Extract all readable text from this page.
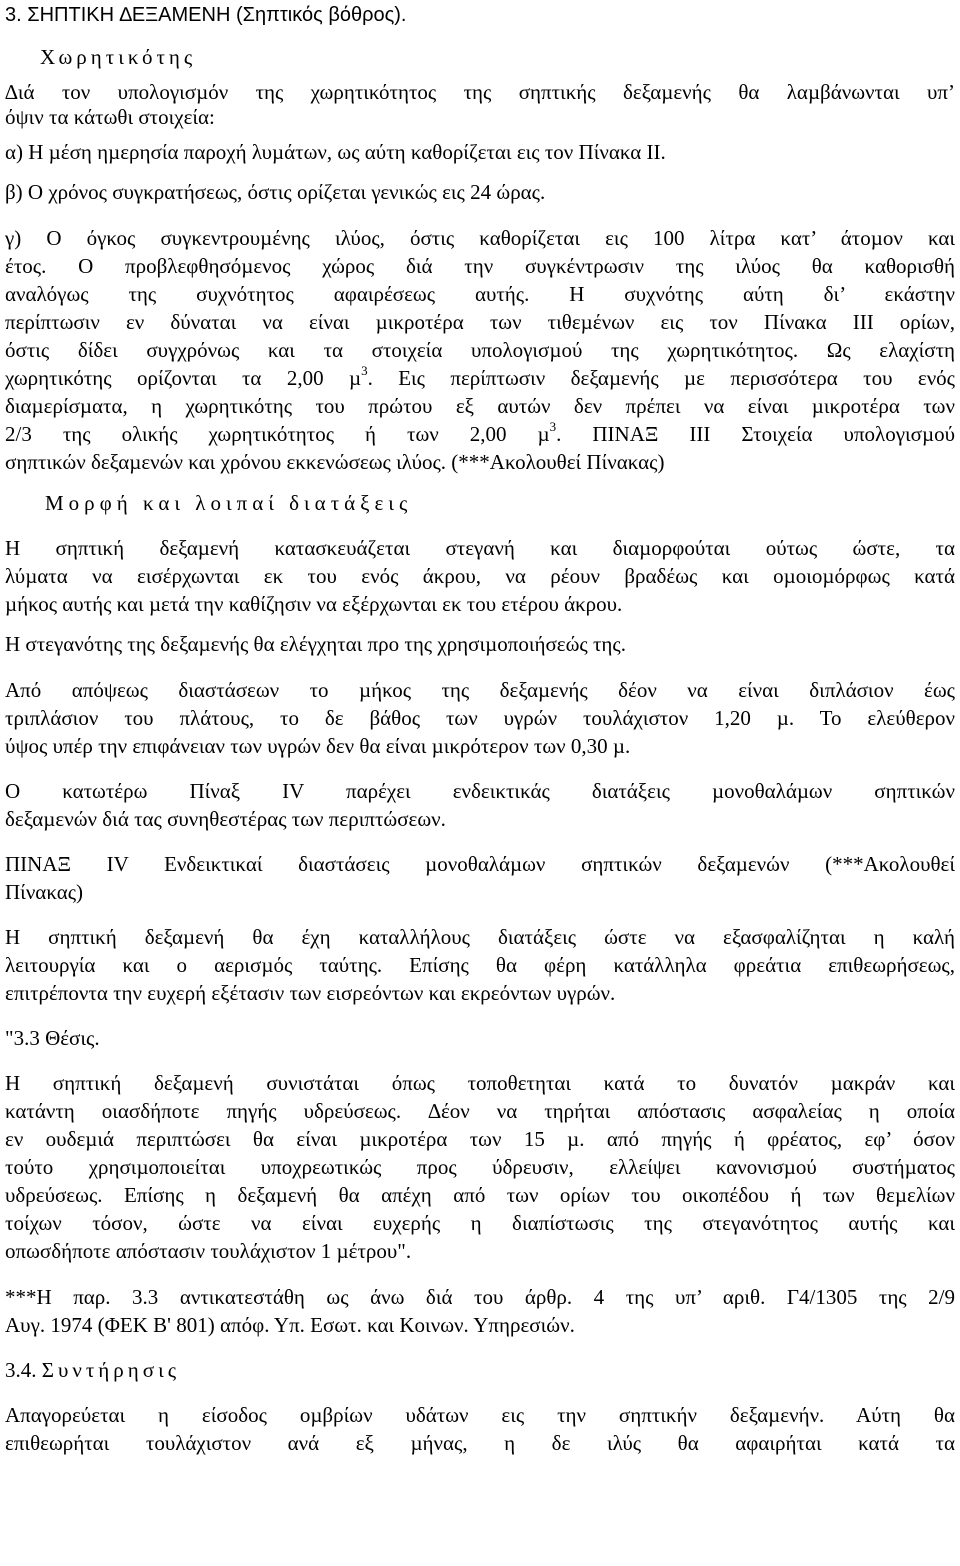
3. ΣΗΠΤΙΚΗ ∆ΕΞΑΜΕΝΗ (Σηπτικός βόθρος).

Χωρητικότης

∆ιά τον υπολογισµόν της χωρητικότητος της σηπτικής δεξαµενής θα λαµβάνωνται υπ’

όψιν τα κάτωθι στοιχεία:

α) Η µέση ηµερησία παροχή λυµάτων, ως αύτη καθορίζεται εις τον Πίνακα ΙΙ.

β) Ο χρόνος συγκρατήσεως, όστις ορίζεται γενικώς εις 24 ώρας.

γ) Ο όγκος συγκεντρουµένης ιλύος, όστις καθορίζεται εις 100 λίτρα κατ’ άτοµον και

έτος. Ο προβλεφθησόµενος χώρος διά την συγκέντρωσιν της ιλύος θα καθορισθή

αναλόγως της συχνότητος αφαιρέσεως αυτής. Η συχνότης αύτη δι’ εκάστην

περίπτωσιν εν δύναται να είναι µικροτέρα των τιθεµένων εις τον Πίνακα ΙΙΙ ορίων,

όστις δίδει συγχρόνως και τα στοιχεία υπολογισµού της χωρητικότητος. Ως ελαχίστη

χωρητικότης ορίζονται τα 2,00 µ$^3$. Εις περίπτωσιν δεξαµενής µε περισσότερα του ενός

διαµερίσµατα, η χωρητικότης του πρώτου εξ αυτών δεν πρέπει να είναι µικροτέρα των

2/3 της ολικής χωρητικότητος ή των 2,00 µ$^3$. ΠΙΝΑΞ ΙΙΙ Στοιχεία υπολογισµού

σηπτικών δεξαµενών και χρόνου εκκενώσεως ιλύος. (***Ακολουθεί Πίνακας)

Μορφή και λοιπαί διατάξεις

Η σηπτική δεξαµενή κατασκευάζεται στεγανή και διαµορφούται ούτως ώστε, τα

λύµατα να εισέρχωνται εκ του ενός άκρου, να ρέουν βραδέως και οµοιοµόρφως κατά

µήκος αυτής και µετά την καθίζησιν να εξέρχωνται εκ του ετέρου άκρου.

Η στεγανότης της δεξαµενής θα ελέγχηται προ της χρησιµοποιήσεώς της.

Από απόψεως διαστάσεων το µήκος της δεξαµενής δέον να είναι διπλάσιον έως

τριπλάσιον του πλάτους, το δε βάθος των υγρών τουλάχιστον 1,20 µ. Το ελεύθερον

ύψος υπέρ την επιφάνειαν των υγρών δεν θα είναι µικρότερον των 0,30 µ.

Ο κατωτέρω Πίναξ ΙV παρέχει ενδεικτικάς διατάξεις µονοθαλάµων σηπτικών

δεξαµενών διά τας συνηθεστέρας των περιπτώσεων.

ΠΙΝΑΞ ΙV Ενδεικτικαί διαστάσεις µονοθαλάµων σηπτικών δεξαµενών (***Ακολουθεί

Πίνακας)

Η σηπτική δεξαµενή θα έχη καταλλήλους διατάξεις ώστε να εξασφαλίζηται η καλή

λειτουργία και ο αερισµός ταύτης. Επίσης θα φέρη κατάλληλα φρεάτια επιθεωρήσεως,

επιτρέποντα την ευχερή εξέτασιν των εισρεόντων και εκρεόντων υγρών.

"3.3 Θέσις.

Η σηπτική δεξαµενή συνιστάται όπως τοποθετηται κατά το δυνατόν µακράν και

κατάντη οιασδήποτε πηγής υδρεύσεως. ∆έον να τηρήται απόστασις ασφαλείας η οποία

εν ουδεµιά περιπτώσει θα είναι µικροτέρα των 15 µ. από πηγής ή φρέατος, εφ’ όσον

τούτο χρησιµοποιείται υποχρεωτικώς προς ύδρευσιν, ελλείψει κανονισµού συστήµατος

υδρεύσεως. Επίσης η δεξαµενή θα απέχη από των ορίων του οικοπέδου ή των θεµελίων

τοίχων τόσον, ώστε να είναι ευχερής η διαπίστωσις της στεγανότητος αυτής και

οπωσδήποτε απόστασιν τουλάχιστον 1 µέτρου".

***Η παρ. 3.3 αντικατεστάθη ως άνω διά του άρθρ. 4 της υπ’ αριθ. Γ4/1305 της 2/9

Αυγ. 1974 (ΦΕΚ Β' 801) απόφ. Υπ. Εσωτ. και Κοινων. Υπηρεσιών.

3.4. Συντήρησις

Απαγορεύεται η είσοδος οµβρίων υδάτων εις την σηπτικήν δεξαµενήν. Αύτη θα

επιθεωρήται τουλάχιστον ανά εξ µήνας, η δε ιλύς θα αφαιρήται κατά τα
